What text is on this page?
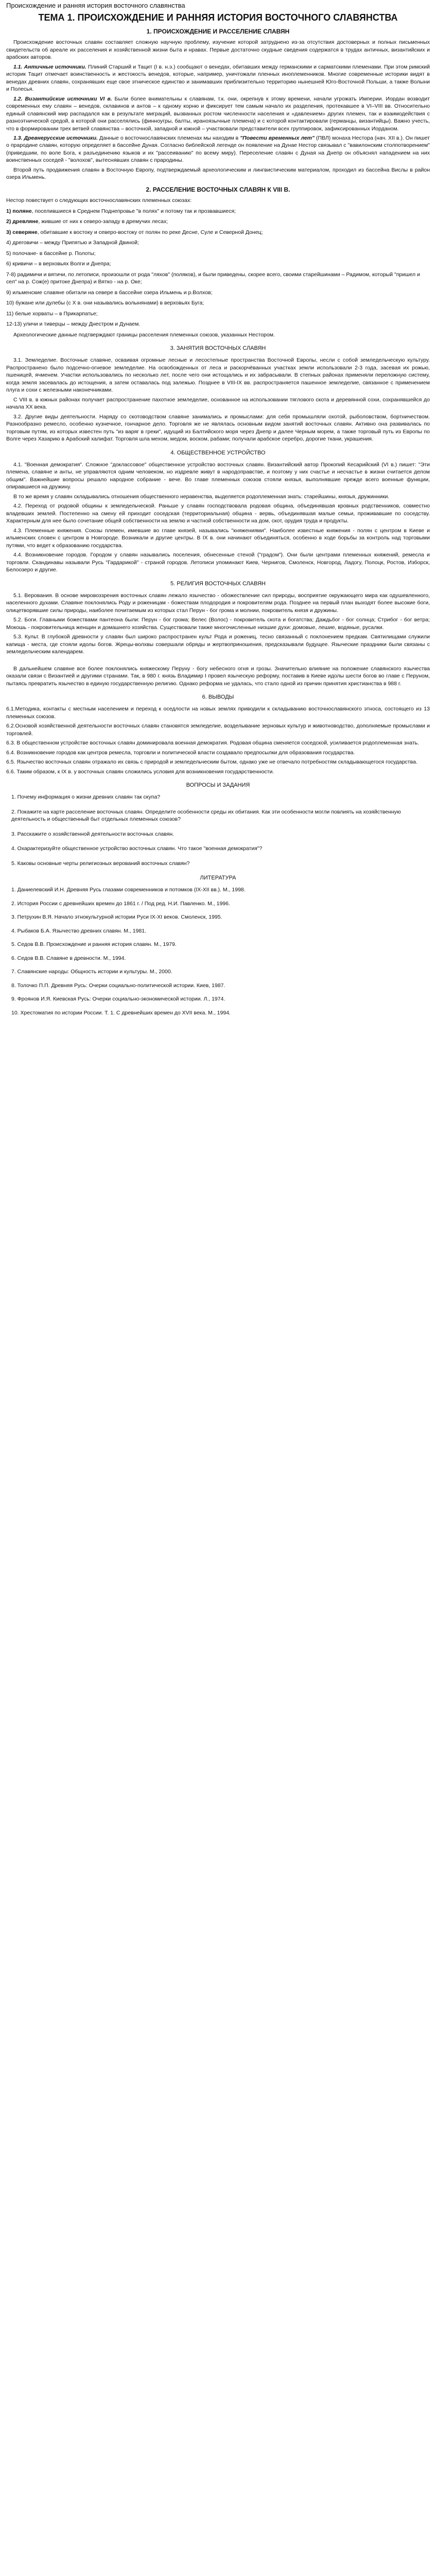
Происхождение и ранняя история восточного славянства
ТЕМА 1. ПРОИСХОЖДЕНИЕ И РАННЯЯ ИСТОРИЯ ВОСТОЧНОГО СЛАВЯНСТВА
1. ПРОИСХОЖДЕНИЕ И РАССЕЛЕНИЕ СЛАВЯН

Происхождение восточных славян составляет сложную научную проблему, изучение которой затруднено из-за отсутствия достоверных и полных письменных свидетельств об ареале их расселения и хозяйственной жизни быта и нравах. Первые достаточно скудные сведения содержатся в трудах античных, византийских и арабских авторов.

1.1. Античные источники. Плиний Старший и Тацит (I в. н.э.) сообщают о венедах, обитавших между германскими и сарматскими племенами. При этом римский историк Тацит отмечает воинственность и жестокость венедов, которые, например, уничтожали пленных иноплеменников. Многие современные историки видят в венедах древних славян, сохранявших еще свое этническое единство и занимавших приблизительно территорию нынешней Юго-Восточной Польши, а также Волыни и Полесья.

1.2. Византийские источники VI в. Были более внимательны к славянам, т.к. они, окрепнув к этому времени, начали угрожать Империи. Иордан возводит современных ему славян – венедов, склавинов и антов – к одному корню и фиксирует тем самым начало их разделения, протекавшее в VI–VIII вв. Относительно единый славянский мир распадался как в результате миграций, вызванных ростом численности населения и «давлением» других племен, так и взаимодействия с разноэтнической средой, в которой они расселялись (финноугры, балты, ираноязычные племена) и с которой контактировали (германцы, византийцы). Важно учесть, что в формировании трех ветвей славянства – восточной, западной и южной – участвовали представители всех группировок, зафиксированных Иорданом.

1.3. Древнерусские источники. Данные о восточнославянских племенах мы находим в "Повести временных лет" (ПВЛ) монаха Нестора (нач. XII в.). Он пишет о прародине славян, которую определяет в бассейне Дуная. Согласно библейской легенде он появление на Дунае Нестор связывал с "вавилонским столпотворением" (приведшим, по воле Бога, к разъединению языков и их "рассеиванию" по всему миру). Переселение славян с Дуная на Днепр он объяснял нападением на них воинственных соседей - "волохов", вытеснявших славян с прародины.

Второй путь продвижения славян в Восточную Европу, подтверждаемый археологическим и лингвистическим материалом, проходил из бассейна Вислы в район озера Ильмень.

2. РАССЕЛЕНИЕ ВОСТОЧНЫХ СЛАВЯН К VIII В.

Нестор повествует о следующих восточнославянских племенных союзах:

1) поляне, поселившиеся в Среднем Поднепровье "в полях" и потому так и прозвавшиеся;
2) древляне, жившие от них к северо-западу в дремучих лесах;
3) северяне, обитавшие к востоку и северо-востоку от полян по реке Десне, Суле и Северной Донец;
4) дреговичи – между Припятью и Западной Двиной;
5) полочане- в бассейне р. Полоты;
6) кривичи – в верховьях Волги и Днепра;
7-8) радимичи и вятичи, по летописи, произошли от рода "ляхов" (поляков), и были приведены, скорее всего, своими старейшинами – Радимом, который "пришел и сел" на р. Сож(е) притоке Днепра) и Вятко - на р. Оке;
9) ильменские славяне обитали на севере в бассейне озера Ильмень и р.Волхов;
10) бужане или дулебы (с X в. они назывались волынянами) в верховьях Буга;
11) белые хорваты – в Прикарпатье;
12-13) уличи и тиверцы – между Днестром и Дунаем.

Археологические данные подтверждают границы расселения племенных союзов, указанных Нестором.

3. ЗАНЯТИЯ ВОСТОЧНЫХ СЛАВЯН

3.1. Земледелие. Восточные славяне, осваивая огромные лесные и лесостепные пространства Восточной Европы, несли с собой земледельческую культуру. Распространено было подсечно-огневое земледелие. На освобожденных от леса и раскорчёванных участках земли использовали 2-3 года, засевая их рожью, пшеницей, ячменем. Участки использовались по несколько лет, после чего они истощались и их забрасывали. В степных районах применяли переложную систему, когда земля засевалась до истощения, а затем оставалась под залежью. Позднее в VIII-IX вв. распространяется пашенное земледелие, связанное с применением плуга и сохи с железными наконечниками.

С VIII в. в южных районах получает распространение пахотное земледелие, основанное на использовании тяглового скота и деревянной сохи, сохранявшейся до начала XX века.

3.2. Другие виды деятельности. Наряду со скотоводством славяне занимались и промыслами: для себя промышляли охотой, рыболовством, бортничеством. Разнообразно ремесло, особенно кузнечное, гончарное дело. Торговля же не являлась основным видом занятий восточных славян. Активно она развивалась по торговым путям, из которых известен путь "из варяг в греки", идущий из Балтийского моря через Днепр и далее Черным морем, а также торговый путь из Европы по Волге через Хазарию в Арабский халифат. Торговля шла мехом, медом, воском, рабами; получали арабское серебро, дорогие ткани, украшения.

4. ОБЩЕСТВЕННОЕ УСТРОЙСТВО

4.1. "Военная демократия". Сложное "доклассовое" общественное устройство восточных славян. Византийский автор Прокопий Кесарийский (VI в.) пишет: "Эти племена, славяне и анты, не управляются одним человеком, но издревле живут в народоправстве, и поэтому у них счастье и несчастье в жизни считается делом общим". Важнейшие вопросы решало народное собрание - вече. Во главе племенных союзов стояли князья, выполнявшие прежде всего военные функции, опиравшиеся на дружину.

В то же время у славян складывались отношения общественного неравенства, выделяется родоплеменная знать: старейшины, князья, дружинники.

4.2. Переход от родовой общины к земледельческой. Раньше у славян господствовала родовая община, объединявшая кровных родственников, совместно владевших землей. Постепенно на смену ей приходит соседская (территориальная) община - вервь, объединявшая малые семьи, проживавшие по соседству. Характерным для нее было сочетание общей собственности на землю и частной собственности на дом, скот, орудия труда и продукты.

4.3. Племенные княжения. Союзы племен, имевшие во главе князей, назывались "княжениями". Наиболее известные княжения - полян с центром в Киеве и ильменских словен с центром в Новгороде. Возникали и другие центры. В IX в. они начинают объединяться, особенно в ходе борьбы за контроль над торговыми путями, что ведет к образованию государства.

4.4. Возникновение городов. Городом у славян назывались поселения, обнесенные стеной ("градом"). Они были центрами племенных княжений, ремесла и торговли. Скандинавы называли Русь "Гардарикой" - страной городов. Летописи упоминают Киев, Чернигов, Смоленск, Новгород, Ладогу, Полоцк, Ростов, Изборск, Белоозеро и другие.

5. РЕЛИГИЯ ВОСТОЧНЫХ СЛАВЯН

5.1. Верования. В основе мировоззрения восточных славян лежало язычество - обожествление сил природы, восприятие окружающего мира как одушевленного, населенного духами. Славяне поклонялись Роду и роженицам - божествам плодородия и покровителям рода. Позднее на первый план выходят более высокие боги, олицетворявшие силы природы, наиболее почитаемым из которых стал Перун - бог грома и молнии, покровитель князя и дружины.

5.2. Боги. Главными божествами пантеона были: Перун - бог грома; Велес (Волос) - покровитель скота и богатства; Даждьбог - бог солнца; Стрибог - бог ветра; Мокошь - покровительница женщин и домашнего хозяйства. Существовали также многочисленные низшие духи: домовые, лешие, водяные, русалки.

5.3. Культ. В глубокой древности у славян был широко распространен культ Рода и рожениц, тесно связанный с поклонением предкам. Святилищами служили капища - места, где стояли идолы богов. Жрецы-волхвы совершали обряды и жертвоприношения, предсказывали будущее. Языческие праздники были связаны с земледельческим календарем.

В дальнейшем славяне все более поклонялись княжескому Перуну - богу небесного огня и грозы. Значительно влияние на положение славянского язычества оказали связи с Византией и другими странами. Так, в 980 г. князь Владимир I провел языческую реформу, поставив в Киеве идолы шести богов во главе с Перуном, пытаясь превратить язычество в единую государственную религию. Однако реформа не удалась, что стало одной из причин принятия христианства в 988 г.

6. ВЫВОДЫ

6.1.Методика, контакты с местным населением и переход к оседлости на новых землях приводили к складыванию восточнославянского этноса, состоящего из 13 племенных союзов.

6.2.Основой хозяйственной деятельности восточных славян становятся земледелие, возделывание зерновых культур и животноводство, дополняемые промыслами и торговлей.

6.3. В общественном устройстве восточных славян доминировала военная демократия. Родовая община сменяется соседской, усиливается родоплеменная знать.

6.4. Возникновение городов как центров ремесла, торговли и политической власти создавало предпосылки для образования государства.

6.5. Язычество восточных славян отражало их связь с природой и земледельческим бытом, однако уже не отвечало потребностям складывающегося государства.

6.6. Таким образом, к IX в. у восточных славян сложились условия для возникновения государственности.

ВОПРОСЫ И ЗАДАНИЯ
1. Почему информация о жизни древних славян так скупа?
2. Покажите на карте расселение восточных славян. Определите особенности среды их обитания. Как эти особенности могли повлиять на хозяйственную деятельность и общественный быт отдельных племенных союзов?
3. Расскажите о хозяйственной деятельности восточных славян.
4. Охарактеризуйте общественное устройство восточных славян. Что такое "военная демократия"?
5. Каковы основные черты религиозных верований восточных славян?
ЛИТЕРАТУРА
1. Даниелевский И.Н. Древняя Русь глазами современников и потомков (IX-XII вв.). М., 1998.
2. История России с древнейших времен до 1861 г. / Под ред. Н.И. Павленко. М., 1996.
3. Петрухин В.Я. Начало этнокультурной истории Руси IX-XI веков. Смоленск, 1995.
4. Рыбаков Б.А. Язычество древних славян. М., 1981.
5. Седов В.В. Происхождение и ранняя история славян. М., 1979.
6. Седов В.В. Славяне в древности. М., 1994.
7. Славянские народы: Общность истории и культуры. М., 2000.
8. Толочко П.П. Древняя Русь: Очерки социально-политической истории. Киев, 1987.
9. Фроянов И.Я. Киевская Русь: Очерки социально-экономической истории. Л., 1974.
10. Хрестоматия по истории России. Т. 1. С древнейших времен до XVII века. М., 1994.
